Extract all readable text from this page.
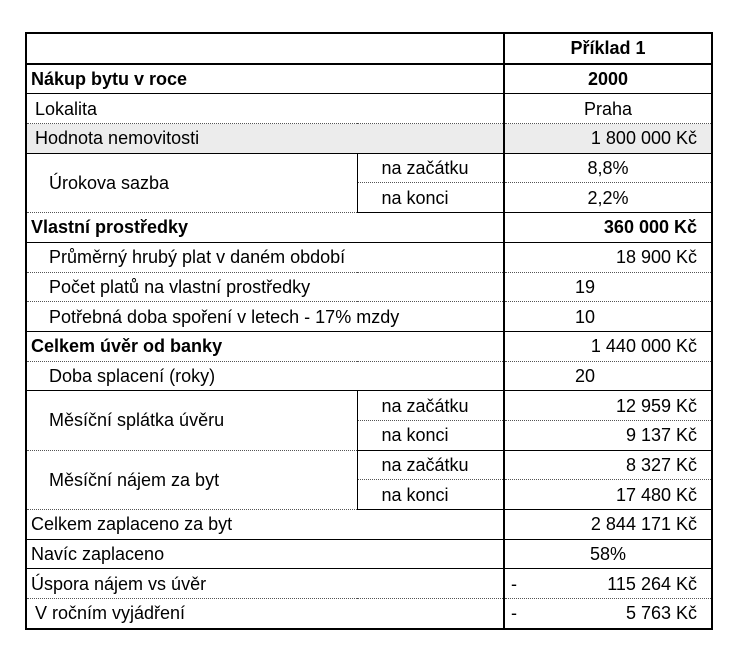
		Příklad 1
Nákup bytu v roce		2000
Lokalita		Praha
Hodnota nemovitosti		1 800 000 Kč
Úrokova sazba	na začátku	8,8%
	na konci	2,2%
Vlastní prostředky		360 000 Kč
Průměrný hrubý plat v daném období		18 900 Kč
Počet platů na vlastní prostředky		19
Potřebná doba spoření v letech - 17% mzdy		10
Celkem úvěr od banky		1 440 000 Kč
Doba splacení (roky)		20
Měsíční splátka úvěru	na začátku	12 959 Kč
	na konci	9 137 Kč
Měsíční nájem za byt	na začátku	8 327 Kč
	na konci	17 480 Kč
Celkem zaplaceno za byt		2 844 171 Kč
Navíc zaplaceno		58%
Úspora nájem vs úvěr		- 115 264 Kč

V ročním vyjádření		- 5 763 Kč
